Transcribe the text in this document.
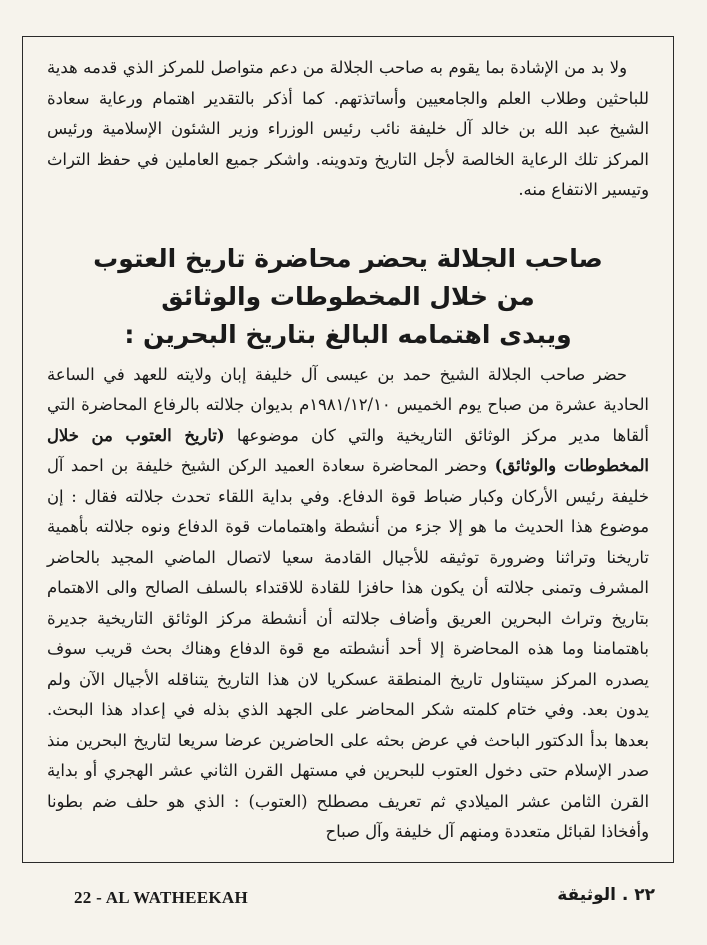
ولا بد من الإشادة بما يقوم به صاحب الجلالة من دعم متواصل للمركز الذي قدمه هدية للباحثين وطلاب العلم والجامعيين وأساتذتهم. كما أذكر بالتقدير اهتمام ورعاية سعادة الشيخ عبد الله بن خالد آل خليفة نائب رئيس الوزراء وزير الشئون الإسلامية ورئيس المركز تلك الرعاية الخالصة لأجل التاريخ وتدوينه. واشكر جميع العاملين في حفظ التراث وتيسير الانتفاع منه.

صاحب الجلالة يحضر محاضرة تاريخ العتوب
من خلال المخطوطات والوثائق
ويبدى اهتمامه البالغ بتاريخ البحرين :

حضر صاحب الجلالة الشيخ حمد بن عيسى آل خليفة إبان ولايته للعهد في الساعة الحادية عشرة من صباح يوم الخميس ١٩٨١/١٢/١٠م بديوان جلالته بالرفاع المحاضرة التي ألقاها مدير مركز الوثائق التاريخية والتي كان موضوعها (تاريخ العتوب من خلال المخطوطات والوثائق) وحضر المحاضرة سعادة العميد الركن الشيخ خليفة بن احمد آل خليفة رئيس الأركان وكبار ضباط قوة الدفاع. وفي بداية اللقاء تحدث جلالته فقال : إن موضوع هذا الحديث ما هو إلا جزء من أنشطة واهتمامات قوة الدفاع ونوه جلالته بأهمية تاريخنا وتراثنا وضرورة توثيقه للأجيال القادمة سعيا لاتصال الماضي المجيد بالحاضر المشرف وتمنى جلالته أن يكون هذا حافزا للقادة للاقتداء بالسلف الصالح والى الاهتمام بتاريخ وتراث البحرين العريق وأضاف جلالته أن أنشطة مركز الوثائق التاريخية جديرة باهتمامنا وما هذه المحاضرة إلا أحد أنشطته مع قوة الدفاع وهناك بحث قريب سوف يصدره المركز سيتناول تاريخ المنطقة عسكريا لان هذا التاريخ يتناقله الأجيال الآن ولم يدون بعد. وفي ختام كلمته شكر المحاضر على الجهد الذي بذله في إعداد هذا البحث. بعدها بدأ الدكتور الباحث في عرض بحثه على الحاضرين عرضا سريعا لتاريخ البحرين منذ صدر الإسلام حتى دخول العتوب للبحرين في مستهل القرن الثاني عشر الهجري أو بداية القرن الثامن عشر الميلادي ثم تعريف مصطلح (العتوب) : الذي هو حلف ضم بطونا وأفخاذا لقبائل متعددة ومنهم آل خليفة وآل صباح

22 - AL WATHEEKAH	٢٢ . الوثيقة
